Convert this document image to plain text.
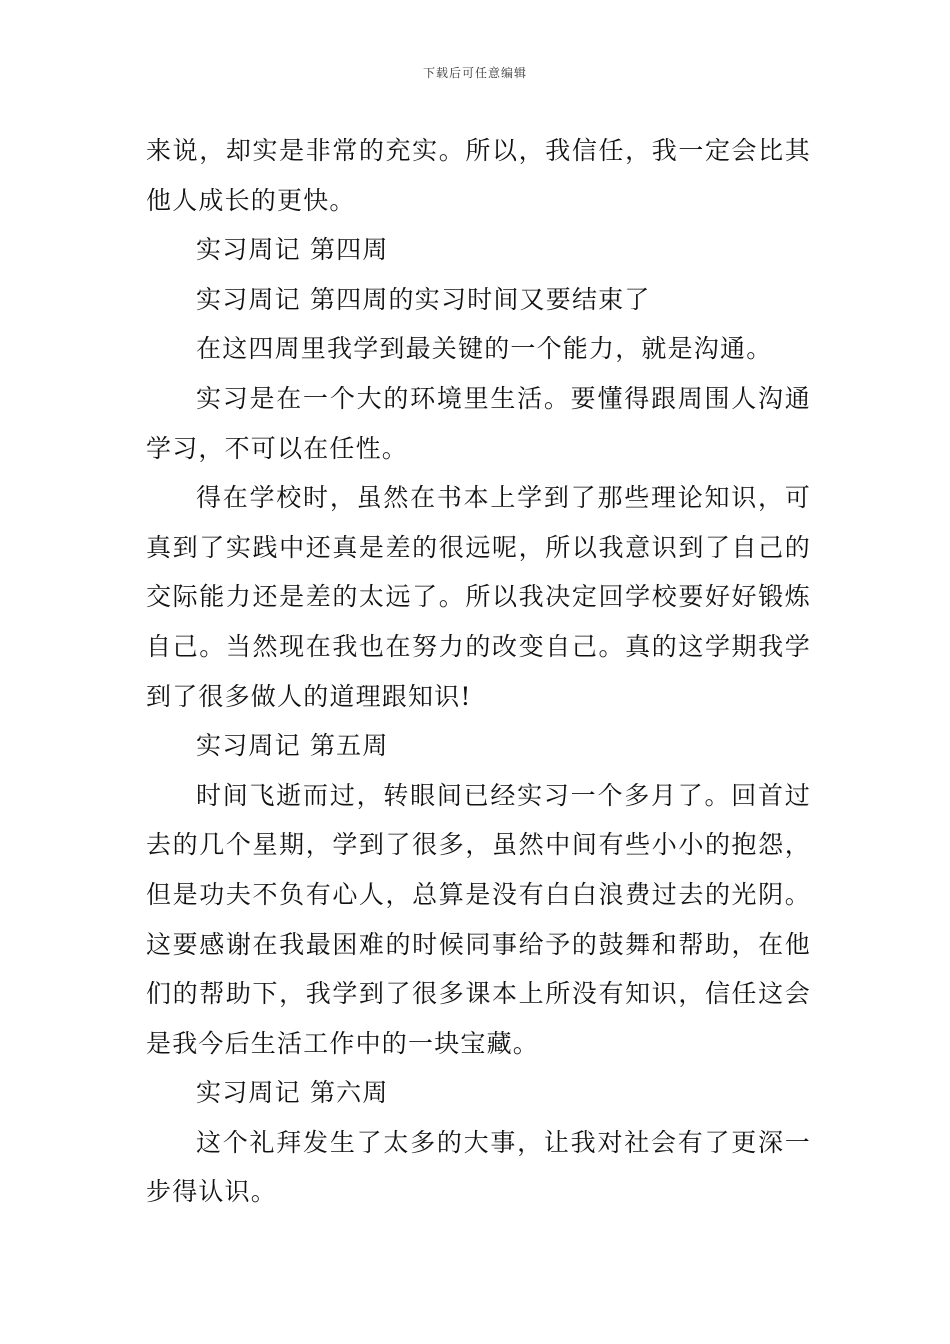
下载后可任意编辑

来说，却实是非常的充实。所以，我信任，我一定会比其他人成长的更快。

实习周记 第四周

实习周记 第四周的实习时间又要结束了

在这四周里我学到最关键的一个能力，就是沟通。

实习是在一个大的环境里生活。要懂得跟周围人沟通学习，不可以在任性。

得在学校时，虽然在书本上学到了那些理论知识，可真到了实践中还真是差的很远呢，所以我意识到了自己的交际能力还是差的太远了。所以我决定回学校要好好锻炼自己。当然现在我也在努力的改变自己。真的这学期我学到了很多做人的道理跟知识!

实习周记 第五周

时间飞逝而过，转眼间已经实习一个多月了。回首过去的几个星期，学到了很多，虽然中间有些小小的抱怨，但是功夫不负有心人，总算是没有白白浪费过去的光阴。这要感谢在我最困难的时候同事给予的鼓舞和帮助，在他们的帮助下，我学到了很多课本上所没有知识，信任这会是我今后生活工作中的一块宝藏。

实习周记 第六周

这个礼拜发生了太多的大事，让我对社会有了更深一步得认识。
